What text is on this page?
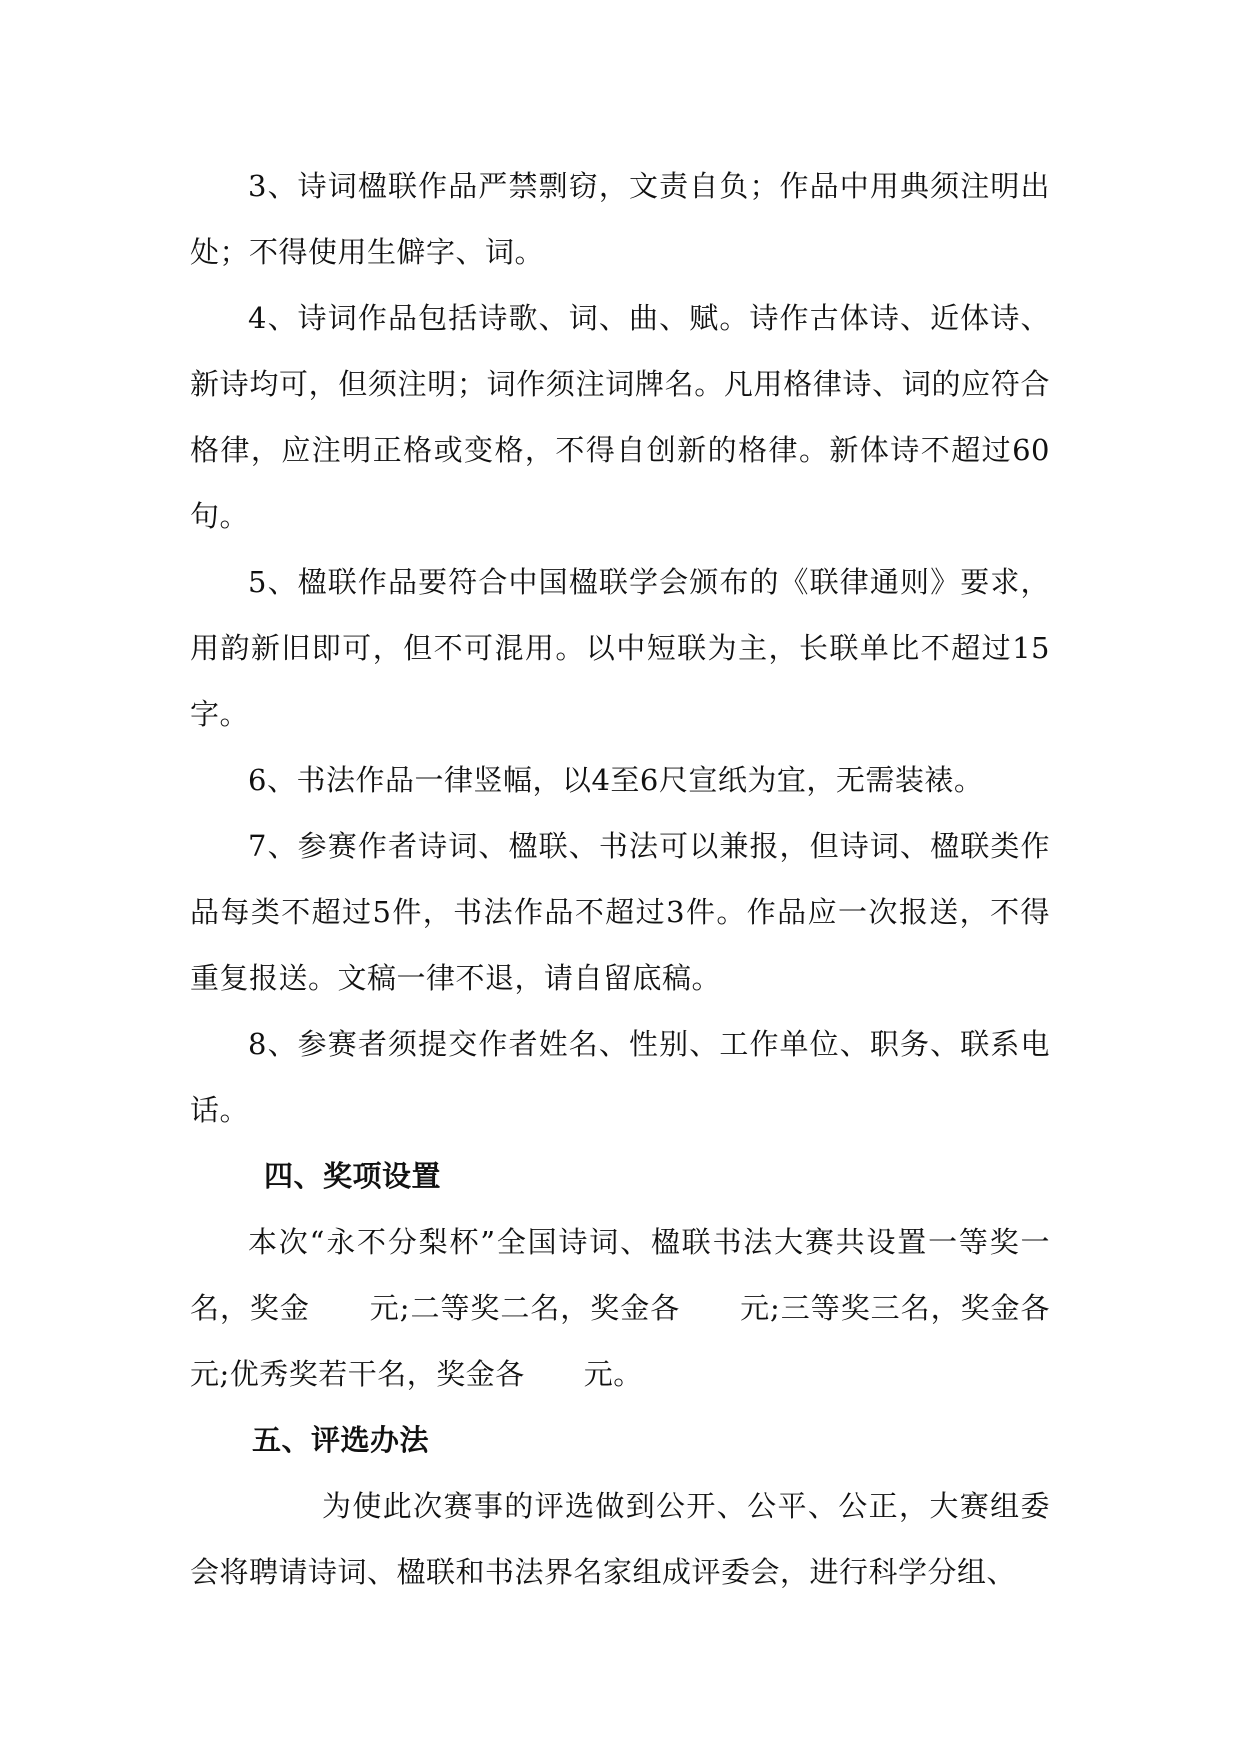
3、诗词楹联作品严禁剽窃，文责自负；作品中用典须注明出处；不得使用生僻字、词。

4、诗词作品包括诗歌、词、曲、赋。诗作古体诗、近体诗、新诗均可，但须注明；词作须注词牌名。凡用格律诗、词的应符合格律，应注明正格或变格，不得自创新的格律。新体诗不超过60句。

5、楹联作品要符合中国楹联学会颁布的《联律通则》要求，用韵新旧即可，但不可混用。以中短联为主，长联单比不超过15字。

6、书法作品一律竖幅，以4至6尺宣纸为宜，无需装裱。

7、参赛作者诗词、楹联、书法可以兼报，但诗词、楹联类作品每类不超过5件，书法作品不超过3件。作品应一次报送，不得重复报送。文稿一律不退，请自留底稿。

8、参赛者须提交作者姓名、性别、工作单位、职务、联系电话。

四、奖项设置

本次“永不分梨杯”全国诗词、楹联书法大赛共设置一等奖一名，奖金　　元;二等奖二名，奖金各　　元;三等奖三名，奖金各　　元;优秀奖若干名，奖金各　　元。

五、评选办法

为使此次赛事的评选做到公开、公平、公正，大赛组委会将聘请诗词、楹联和书法界名家组成评委会，进行科学分组、
